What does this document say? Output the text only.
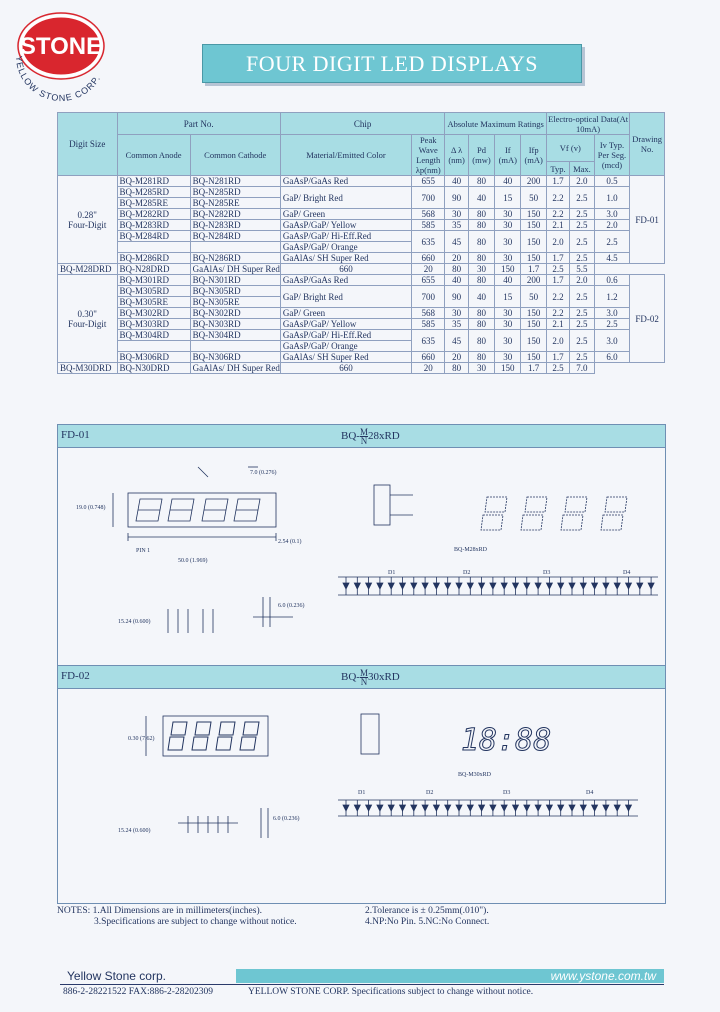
STONE
YELLOW STONE CORP.
FOUR DIGIT LED DISPLAYS
Digit Size	Part No.		Chip		Absolute Maximum Ratings				Electro-optical Data(At 10mA)			Drawing No.
	Common Anode	Common Cathode	Material/Emitted Color	Peak Wave Length λp(nm)	Δ λ (nm)	Pd (mw)	If (mA)	Ifp (mA)	Vf (v)		Iv Typ. Per Seg. (mcd)	
									Typ.	Max.		

0.28"
Four-Digit	BQ-M281RD	BQ-N281RD	GaAsP/GaAs Red	655	40	80	40	200	1.7	2.0	0.5	FD-01
	BQ-M285RD	BQ-N285RD	GaP/ Bright Red	700	90	40	15	50	2.2	2.5	1.0	
	BQ-M285RE	BQ-N285RE										
	BQ-M282RD	BQ-N282RD	GaP/ Green	568	30	80	30	150	2.2	2.5	3.0	
	BQ-M283RD	BQ-N283RD	GaAsP/GaP/ Yellow	585	35	80	30	150	2.1	2.5	2.0	
	BQ-M284RD	BQ-N284RD	GaAsP/GaP/ Hi-Eff.Red	635	45	80	30	150	2.0	2.5	2.5	
			GaAsP/GaP/ Orange									
	BQ-M286RD	BQ-N286RD	GaAlAs/ SH Super Red	660	20	80	30	150	1.7	2.5	4.5	
BQ-M28DRD	BQ-N28DRD	GaAlAs/ DH Super Red	660	20	80	30	150	1.7	2.5	5.5		

0.30"
Four-Digit	BQ-M301RD	BQ-N301RD	GaAsP/GaAs Red	655	40	80	40	200	1.7	2.0	0.6	FD-02
	BQ-M305RD	BQ-N305RD	GaP/ Bright Red	700	90	40	15	50	2.2	2.5	1.2	
	BQ-M305RE	BQ-N305RE										
	BQ-M302RD	BQ-N302RD	GaP/ Green	568	30	80	30	150	2.2	2.5	3.0	
	BQ-M303RD	BQ-N303RD	GaAsP/GaP/ Yellow	585	35	80	30	150	2.1	2.5	2.5	
	BQ-M304RD	BQ-N304RD	GaAsP/GaP/ Hi-Eff.Red	635	45	80	30	150	2.0	2.5	3.0	
			GaAsP/GaP/ Orange									
	BQ-M306RD	BQ-N306RD	GaAlAs/ SH Super Red	660	20	80	30	150	1.7	2.5	6.0	
BQ-M30DRD	BQ-N30DRD	GaAlAs/ DH Super Red	660	20	80	30	150	1.7	2.5	7.0		
FD-01	$BQ- \frac{M}{N} 28xRD$
PIN 1
50.0 (1.969)
19.0 (0.748)
7.0 (0.276)
2.54 (0.1)
6.0 (0.236)
15.24 (0.600)
BQ-M28xRD
D1	D2	D3	D4
FD-02	$BQ- \frac{M}{N} 30xRD$
0.30 (7.62)
15.24 (0.600)
6.0 (0.236)
BQ-M30xRD
D1	D2	D3	D4
18:88
NOTES: 1.All Dimensions are in millimeters(inches).	2.Tolerance is ± 0.25mm(.010").
3.Specifications are subject to change without notice.	4.NP:No Pin. 5.NC:No Connect.
Yellow Stone corp.	www.ystone.com.tw
886-2-28221522 FAX:886-2-28202309	YELLOW STONE CORP. Specifications subject to change without notice.
